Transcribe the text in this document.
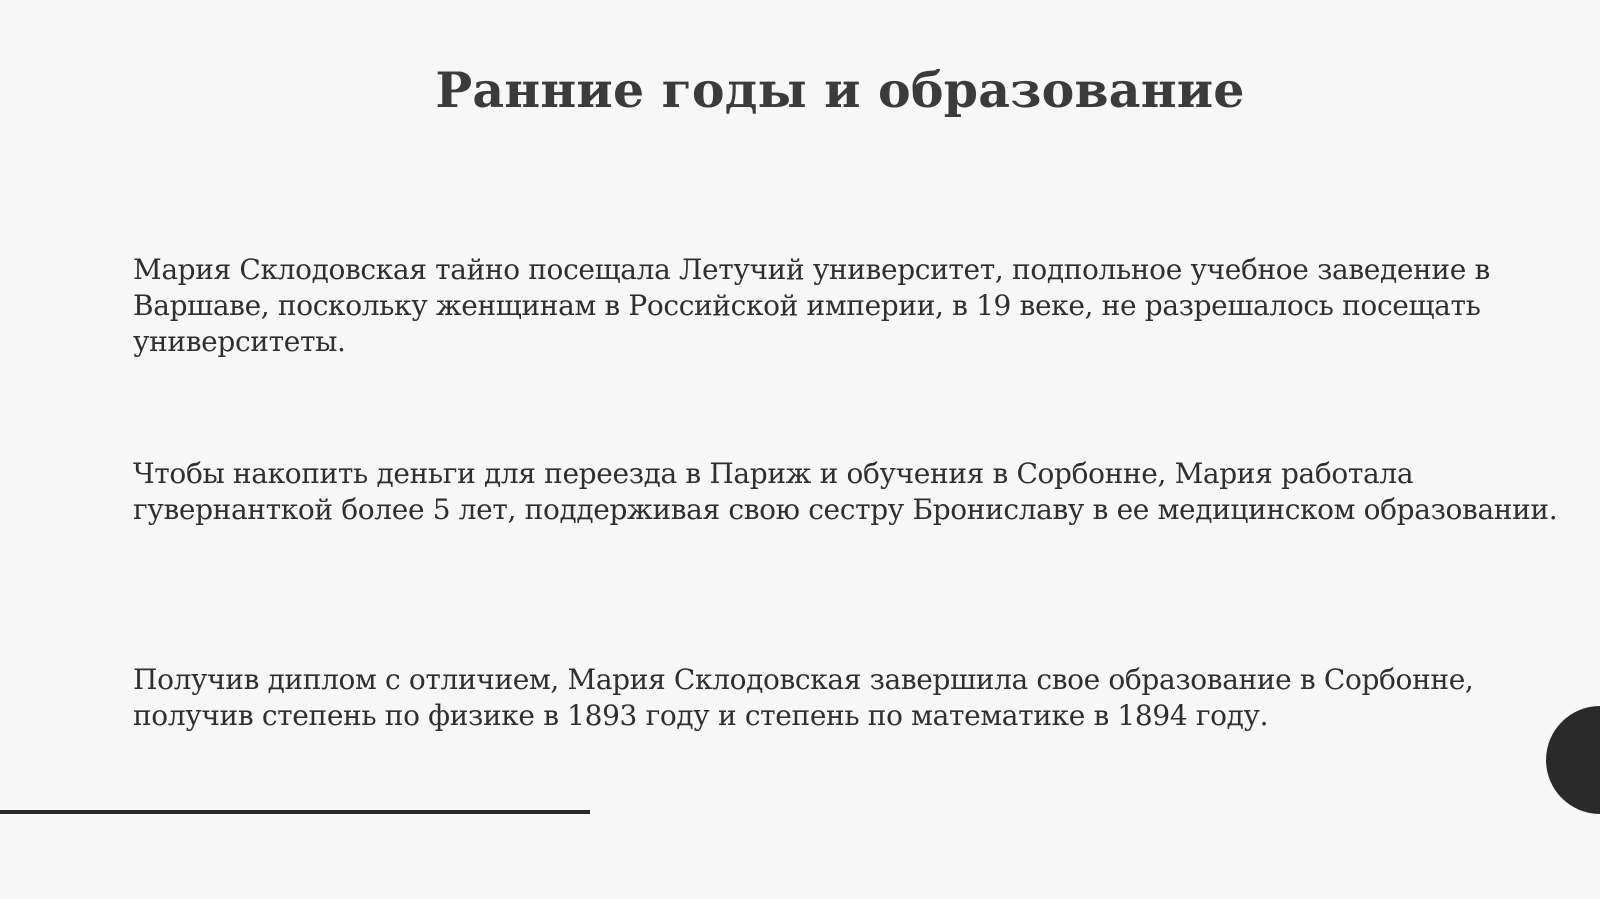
Ранние годы и образование

Мария Склодовская тайно посещала Летучий университет, подпольное учебное заведение в Варшаве, поскольку женщинам в Российской империи, в 19 веке, не разрешалось посещать университеты.

Чтобы накопить деньги для переезда в Париж и обучения в Сорбонне, Мария работала гувернанткой более 5 лет, поддерживая свою сестру Брониславу в ее медицинском образовании.

Получив диплом с отличием, Мария Склодовская завершила свое образование в Сорбонне, получив степень по физике в 1893 году и степень по математике в 1894 году.
